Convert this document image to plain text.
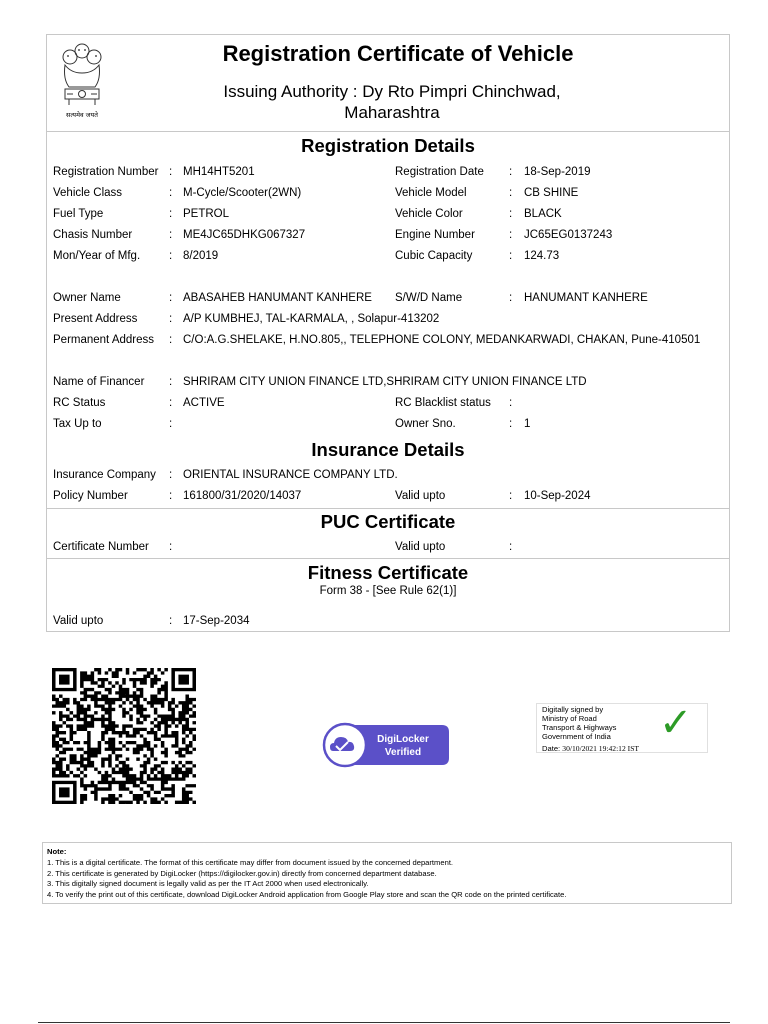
सत्यमेव जयते
Registration Certificate of Vehicle
Issuing Authority : Dy Rto Pimpri Chinchwad,
Maharashtra
Registration Details
Registration Number : MH14HT5201	Registration Date : 18-Sep-2019
Vehicle Class	: M-Cycle/Scooter(2WN)	Vehicle Model	: CB SHINE
Fuel Type	: PETROL	Vehicle Color	: BLACK
Chasis Number	: ME4JC65DHKG067327	Engine Number	: JC65EG0137243
Mon/Year of Mfg.	: 8/2019	Cubic Capacity	: 124.73
Owner Name	: ABASAHEB HANUMANT KANHERE S/W/D Name	: HANUMANT KANHERE
Present Address	: A/P KUMBHEJ, TAL-KARMALA, , Solapur-413202
Permanent Address : C/O:A.G.SHELAKE, H.NO.805,, TELEPHONE COLONY, MEDANKARWADI, CHAKAN, Pune-410501
Name of Financer : SHRIRAM CITY UNION FINANCE LTD,SHRIRAM CITY UNION FINANCE LTD
RC Status	: ACTIVE	RC Blacklist status :
Tax Up to	:	Owner Sno.	: 1
Insurance Details
Insurance Company : ORIENTAL INSURANCE COMPANY LTD.
Policy Number	: 161800/31/2020/14037	Valid upto	: 10-Sep-2024
PUC Certificate
Certificate Number :	Valid upto	:
Fitness Certificate
Form 38 - [See Rule 62(1)]
Valid upto	: 17-Sep-2034
DigiLocker
Verified
Digitally signed by
Ministry of Road
Transport & Highways
Government of India
Date: 30/10/2021 19:42:12 IST
✓
Note:
1. This is a digital certificate. The format of this certificate may differ from document issued by the concerned department.
2. This certificate is generated by DigiLocker (https://digilocker.gov.in) directly from concerned department database.
3. This digitally signed document is legally valid as per the IT Act 2000 when used electronically.
4. To verify the print out of this certificate, download DigiLocker Android application from Google Play store and scan the QR code on the printed certificate.
